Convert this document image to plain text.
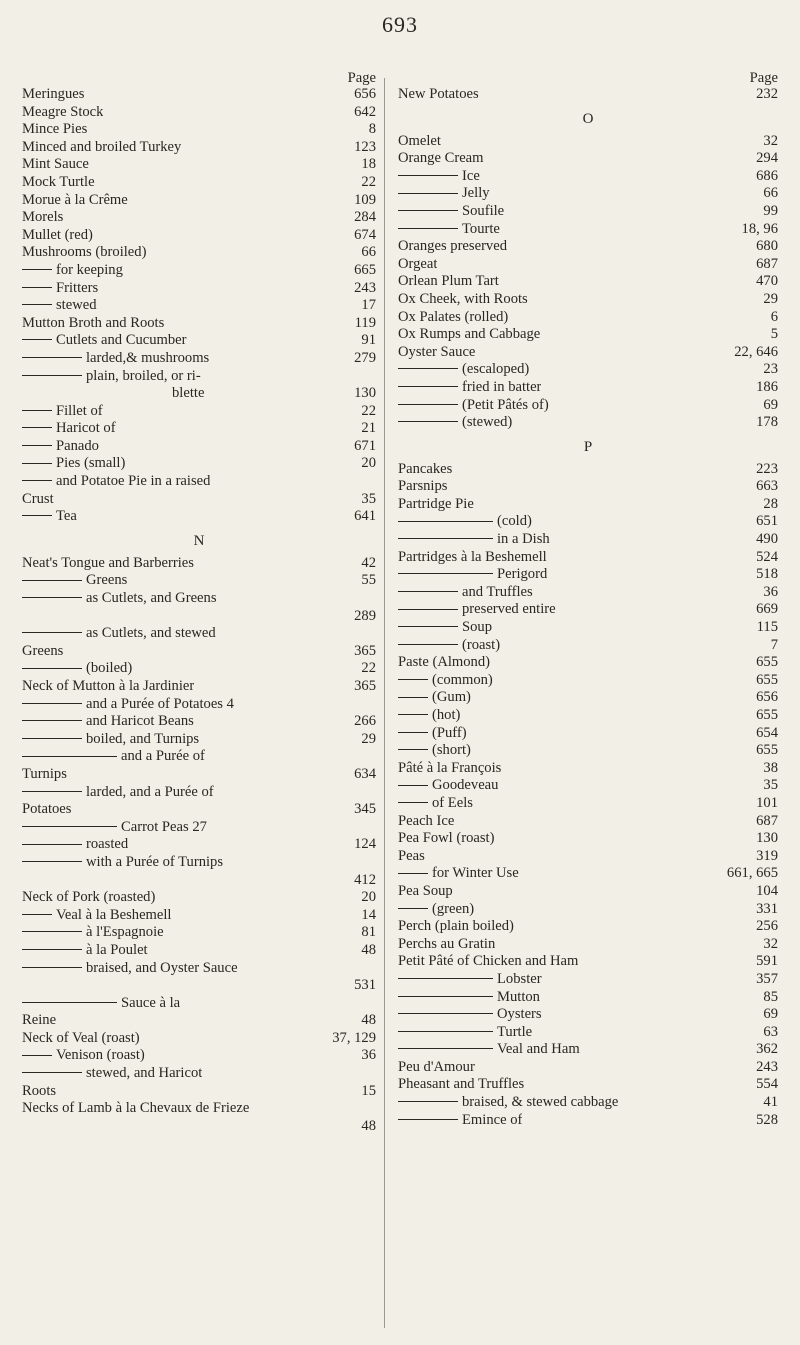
693
Page
Meringues	656
Meagre Stock	642
Mince Pies	8
Minced and broiled Turkey	123
Mint Sauce	18
Mock Turtle	22
Morue à la Crême	109
Morels	284
Mullet (red)	674
Mushrooms (broiled)	66
for keeping	665
Fritters	243
stewed	17
Mutton Broth and Roots	119
Cutlets and Cucumber	91
larded,& mushrooms	279
plain, broiled, or ri-
blette	130
Fillet of	22
Haricot of	21
Panado	671
Pies (small)	20
and Potatoe Pie in a raised
Crust	35
Tea	641
N
Neat's Tongue and Barberries	42
Greens	55
as Cutlets, and Greens
289
as Cutlets, and stewed
Greens	365
(boiled)	22
Neck of Mutton à la Jardinier	365
and a Purée of Potatoes 4
and Haricot Beans	266
boiled, and Turnips	29
and a Purée of
Turnips	634
larded, and a Purée of
Potatoes	345
Carrot Peas 27
roasted	124
with a Purée of Turnips
412
Neck of Pork (roasted)	20
Veal à la Beshemell	14
à l'Espagnoie	81
à la Poulet	48
braised, and Oyster Sauce
531
Sauce à la
Reine	48
Neck of Veal (roast)	37, 129
Venison (roast)	36
stewed, and Haricot
Roots	15
Necks of Lamb à la Chevaux de Frieze
48
Page
New Potatoes	232
O
Omelet	32
Orange Cream	294
Ice	686
Jelly	66
Soufile	99
Tourte	18, 96
Oranges preserved	680
Orgeat	687
Orlean Plum Tart	470
Ox Cheek, with Roots	29
Ox Palates (rolled)	6
Ox Rumps and Cabbage	5
Oyster Sauce	22, 646
(escaloped)	23
fried in batter	186
(Petit Pâtés of)	69
(stewed)	178
P
Pancakes	223
Parsnips	663
Partridge Pie	28
(cold)	651
in a Dish	490
Partridges à la Beshemell	524
Perigord	518
and Truffles	36
preserved entire	669
Soup	115
(roast)	7
Paste (Almond)	655
(common)	655
(Gum)	656
(hot)	655
(Puff)	654
(short)	655
Pâté à la François	38
Goodeveau	35
of Eels	101
Peach Ice	687
Pea Fowl (roast)	130
Peas	319
for Winter Use	661, 665
Pea Soup	104
(green)	331
Perch (plain boiled)	256
Perchs au Gratin	32
Petit Pâté of Chicken and Ham	591
Lobster	357
Mutton	85
Oysters	69
Turtle	63
Veal and Ham	362
Peu d'Amour	243
Pheasant and Truffles	554
braised, & stewed cabbage	41
Emince of	528
